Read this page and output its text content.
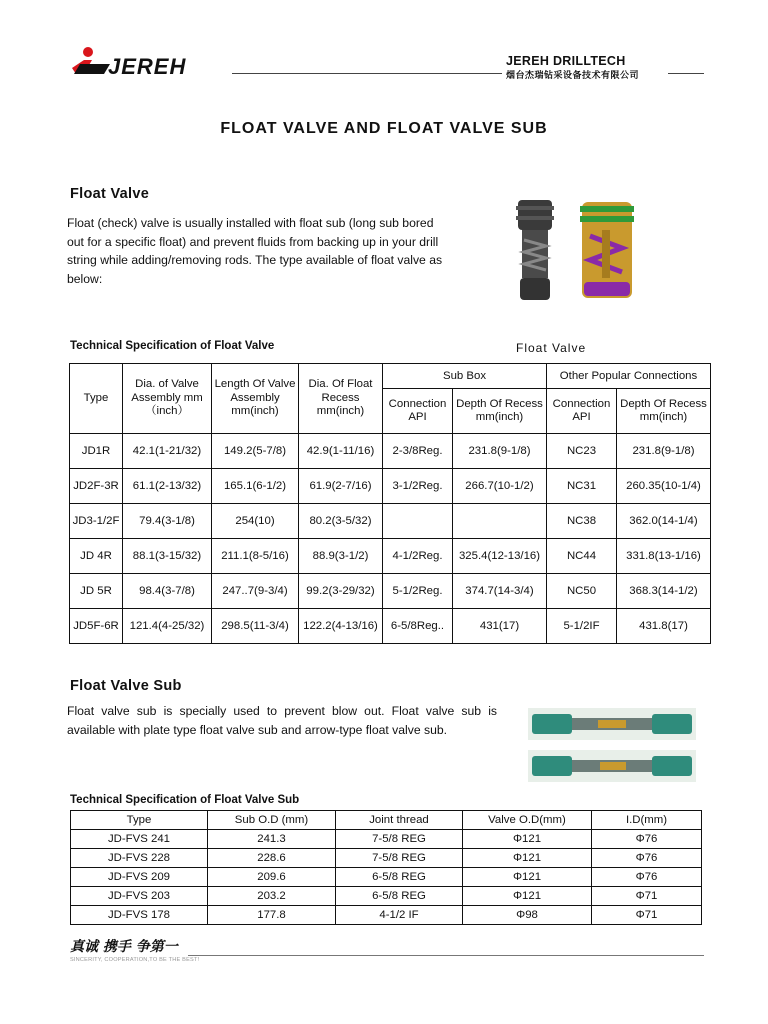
JEREH	JEREH DRILLTECH
烟台杰瑞钻采设备技术有限公司
FLOAT VALVE AND FLOAT VALVE SUB
Float Valve
Float (check) valve is usually installed with float sub (long sub bored out for a specific float) and prevent fluids from backing up in your drill string while adding/removing rods. The type available of float valve as below:
Float Valve
Technical Specification of Float Valve
Type	Dia. of Valve Assembly mm（inch）	Length Of Valve Assembly mm(inch)	Dia. Of Float Recess mm(inch)	Sub Box		Other Popular Connections	
				Connection API	Depth Of Recess mm(inch)	Connection API	Depth Of Recess mm(inch)
JD1R	42.1(1-21/32)	149.2(5-7/8)	42.9(1-11/16)	2-3/8Reg.	231.8(9-1/8)	NC23	231.8(9-1/8)
JD2F-3R	61.1(2-13/32)	165.1(6-1/2)	61.9(2-7/16)	3-1/2Reg.	266.7(10-1/2)	NC31	260.35(10-1/4)
JD3-1/2F	79.4(3-1/8)	254(10)	80.2(3-5/32)			NC38	362.0(14-1/4)
JD 4R	88.1(3-15/32)	211.1(8-5/16)	88.9(3-1/2)	4-1/2Reg.	325.4(12-13/16)	NC44	331.8(13-1/16)
JD 5R	98.4(3-7/8)	247..7(9-3/4)	99.2(3-29/32)	5-1/2Reg.	374.7(14-3/4)	NC50	368.3(14-1/2)
JD5F-6R	121.4(4-25/32)	298.5(11-3/4)	122.2(4-13/16)	6-5/8Reg..	431(17)	5-1/2IF	431.8(17)
Float Valve Sub
Float valve sub is specially used to prevent blow out. Float valve sub is available with plate type float valve sub and arrow-type float valve sub.
Technical Specification of Float Valve Sub
Type	Sub O.D (mm)	Joint thread	Valve O.D(mm)	I.D(mm)
JD-FVS 241	241.3	7-5/8 REG	Φ121	Φ76
JD-FVS 228	228.6	7-5/8 REG	Φ121	Φ76
JD-FVS 209	209.6	6-5/8 REG	Φ121	Φ76
JD-FVS 203	203.2	6-5/8 REG	Φ121	Φ71
JD-FVS 178	177.8	4-1/2 IF	Φ98	Φ71
真诚 携手 争第一
SINCERITY, COOPERATION,TO BE THE BEST!
